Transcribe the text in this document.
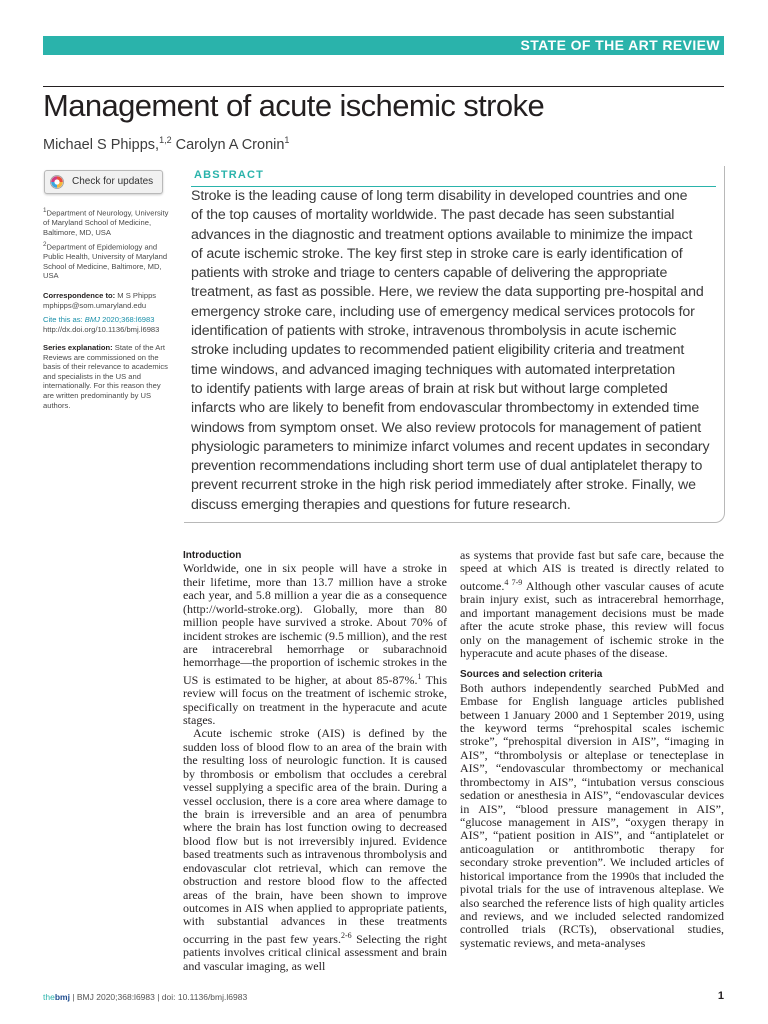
STATE OF THE ART REVIEW
Management of acute ischemic stroke
Michael S Phipps,$^{1,2}$ Carolyn A Cronin$^1$
Check for updates
$^1$Department of Neurology, University of Maryland School of Medicine, Baltimore, MD, USA
$^2$Department of Epidemiology and Public Health, University of Maryland School of Medicine, Baltimore, MD, USA
Correspondence to: M S Phipps
mphipps@som.umaryland.edu
Cite this as: BMJ 2020;368:l6983
http://dx.doi.org/10.1136/bmj.l6983
Series explanation: State of the Art Reviews are commissioned on the basis of their relevance to academics and specialists in the US and internationally. For this reason they are written predominantly by US authors.
ABSTRACT
Stroke is the leading cause of long term disability in developed countries and one
of the top causes of mortality worldwide. The past decade has seen substantial
advances in the diagnostic and treatment options available to minimize the impact
of acute ischemic stroke. The key first step in stroke care is early identification of
patients with stroke and triage to centers capable of delivering the appropriate
treatment, as fast as possible. Here, we review the data supporting pre-hospital and
emergency stroke care, including use of emergency medical services protocols for
identification of patients with stroke, intravenous thrombolysis in acute ischemic
stroke including updates to recommended patient eligibility criteria and treatment
time windows, and advanced imaging techniques with automated interpretation
to identify patients with large areas of brain at risk but without large completed
infarcts who are likely to benefit from endovascular thrombectomy in extended time
windows from symptom onset. We also review protocols for management of patient
physiologic parameters to minimize infarct volumes and recent updates in secondary
prevention recommendations including short term use of dual antiplatelet therapy to
prevent recurrent stroke in the high risk period immediately after stroke. Finally, we
discuss emerging therapies and questions for future research.
Introduction

Worldwide, one in six people will have a stroke in their lifetime, more than 13.7 million have a stroke each year, and 5.8 million a year die as a consequence (http://world-stroke.org). Globally, more than 80 million people have survived a stroke. About 70% of incident strokes are ischemic (9.5 million), and the rest are intracerebral hemorrhage or subarachnoid hemorrhage—the proportion of ischemic strokes in the US is estimated to be higher, at about 85-87%.$^1$ This review will focus on the treatment of ischemic stroke, specifically on treatment in the hyperacute and acute stages.

Acute ischemic stroke (AIS) is defined by the sudden loss of blood flow to an area of the brain with the resulting loss of neurologic function. It is caused by thrombosis or embolism that occludes a cerebral vessel supplying a specific area of the brain. During a vessel occlusion, there is a core area where damage to the brain is irreversible and an area of penumbra where the brain has lost function owing to decreased blood flow but is not irreversibly injured. Evidence based treatments such as intravenous thrombolysis and endovascular clot retrieval, which can remove the obstruction and restore blood flow to the affected areas of the brain, have been shown to improve outcomes in AIS when applied to appropriate patients, with substantial advances in these treatments occurring in the past few years.$^{2-6}$ Selecting the right patients involves critical clinical assessment and brain and vascular imaging, as well

as systems that provide fast but safe care, because the speed at which AIS is treated is directly related to outcome.$^{4 7-9}$ Although other vascular causes of acute brain injury exist, such as intracerebral hemorrhage, and important management decisions must be made after the acute stroke phase, this review will focus only on the management of ischemic stroke in the hyperacute and acute phases of the disease.

Sources and selection criteria

Both authors independently searched PubMed and Embase for English language articles published between 1 January 2000 and 1 September 2019, using the keyword terms “prehospital scales ischemic stroke”, “prehospital diversion in AIS”, “imaging in AIS”, “thrombolysis or alteplase or tenecteplase in AIS”, “endovascular thrombectomy or mechanical thrombectomy in AIS”, “intubation versus conscious sedation or anesthesia in AIS”, “endovascular devices in AIS”, “blood pressure management in AIS”, “glucose management in AIS”, “oxygen therapy in AIS”, “patient position in AIS”, and “antiplatelet or anticoagulation or antithrombotic therapy for secondary stroke prevention”. We included articles of historical importance from the 1990s that included the pivotal trials for the use of intravenous alteplase. We also searched the reference lists of high quality articles and reviews, and we included selected randomized controlled trials (RCTs), observational studies, systematic reviews, and meta-analyses

thebmj | BMJ 2020;368:l6983 | doi: 10.1136/bmj.l6983	1
